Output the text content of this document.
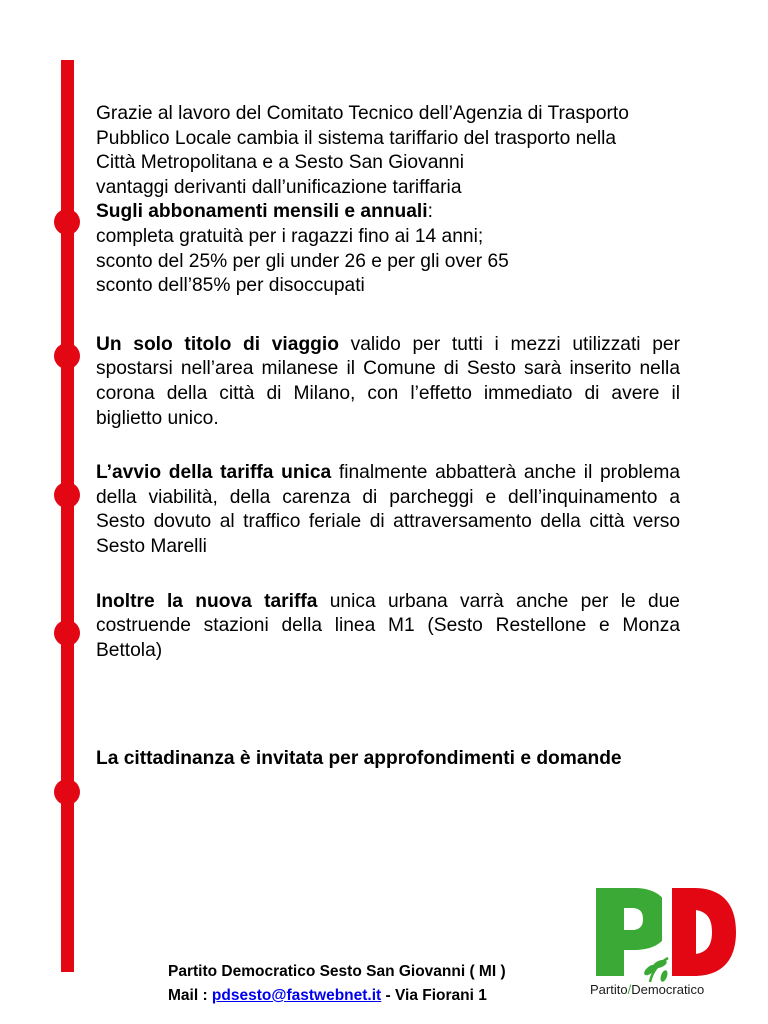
Grazie al lavoro del Comitato Tecnico dell’Agenzia di Trasporto
Pubblico Locale cambia il sistema tariffario del trasporto nella
Città Metropolitana e a Sesto San Giovanni
vantaggi derivanti dall’unificazione tariffaria
Sugli abbonamenti mensili e annuali:
completa gratuità per i ragazzi fino ai 14 anni;
sconto del 25% per gli under 26 e per gli over 65
sconto dell’85% per disoccupati

Un solo titolo di viaggio valido per tutti i mezzi utilizzati per spostarsi nell’area milanese il Comune di Sesto sarà inserito nella corona della città di Milano, con l’effetto immediato di avere il biglietto unico.

L’avvio della tariffa unica finalmente abbatterà anche il problema della viabilità, della carenza di parcheggi e dell’inquinamento a Sesto dovuto al traffico feriale di attraversamento della città verso Sesto Marelli

Inoltre la nuova tariffa unica urbana varrà anche per le due costruende stazioni della linea M1 (Sesto Restellone e Monza Bettola)

La cittadinanza è invitata per approfondimenti e domande

Partito Democratico Sesto San Giovanni ( MI )
Mail : pdsesto@fastwebnet.it - Via Fiorani 1	Partito/Democratico
